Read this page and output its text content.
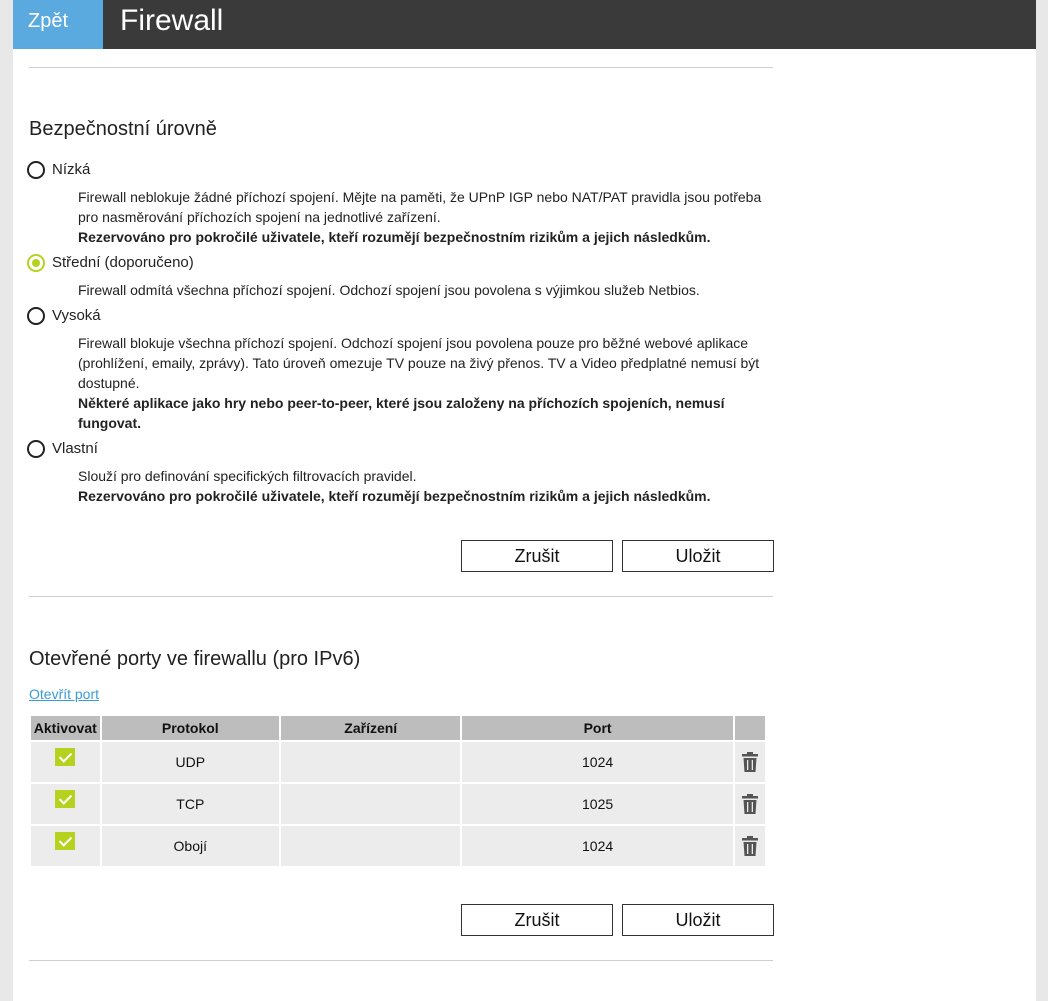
Zpět	Firewall
Bezpečnostní úrovně
Nízká
Firewall neblokuje žádné příchozí spojení. Mějte na paměti, že UPnP IGP nebo NAT/PAT pravidla jsou potřeba pro nasměrování příchozích spojení na jednotlivé zařízení.
Rezervováno pro pokročilé uživatele, kteří rozumějí bezpečnostním rizikům a jejich následkům.
Střední (doporučeno)
Firewall odmítá všechna příchozí spojení. Odchozí spojení jsou povolena s výjimkou služeb Netbios.
Vysoká
Firewall blokuje všechna příchozí spojení. Odchozí spojení jsou povolena pouze pro běžné webové aplikace (prohlížení, emaily, zprávy). Tato úroveň omezuje TV pouze na živý přenos. TV a Video předplatné nemusí být dostupné.
Některé aplikace jako hry nebo peer-to-peer, které jsou založeny na příchozích spojeních, nemusí fungovat.
Vlastní
Slouží pro definování specifických filtrovacích pravidel.
Rezervováno pro pokročilé uživatele, kteří rozumějí bezpečnostním rizikům a jejich následkům.
Zrušit	Uložit
Otevřené porty ve firewallu (pro IPv6)
Otevřít port
Aktivovat	Protokol	Zařízení	Port	
	UDP		1024	
	TCP		1025	
	Obojí		1024	
Zrušit	Uložit
